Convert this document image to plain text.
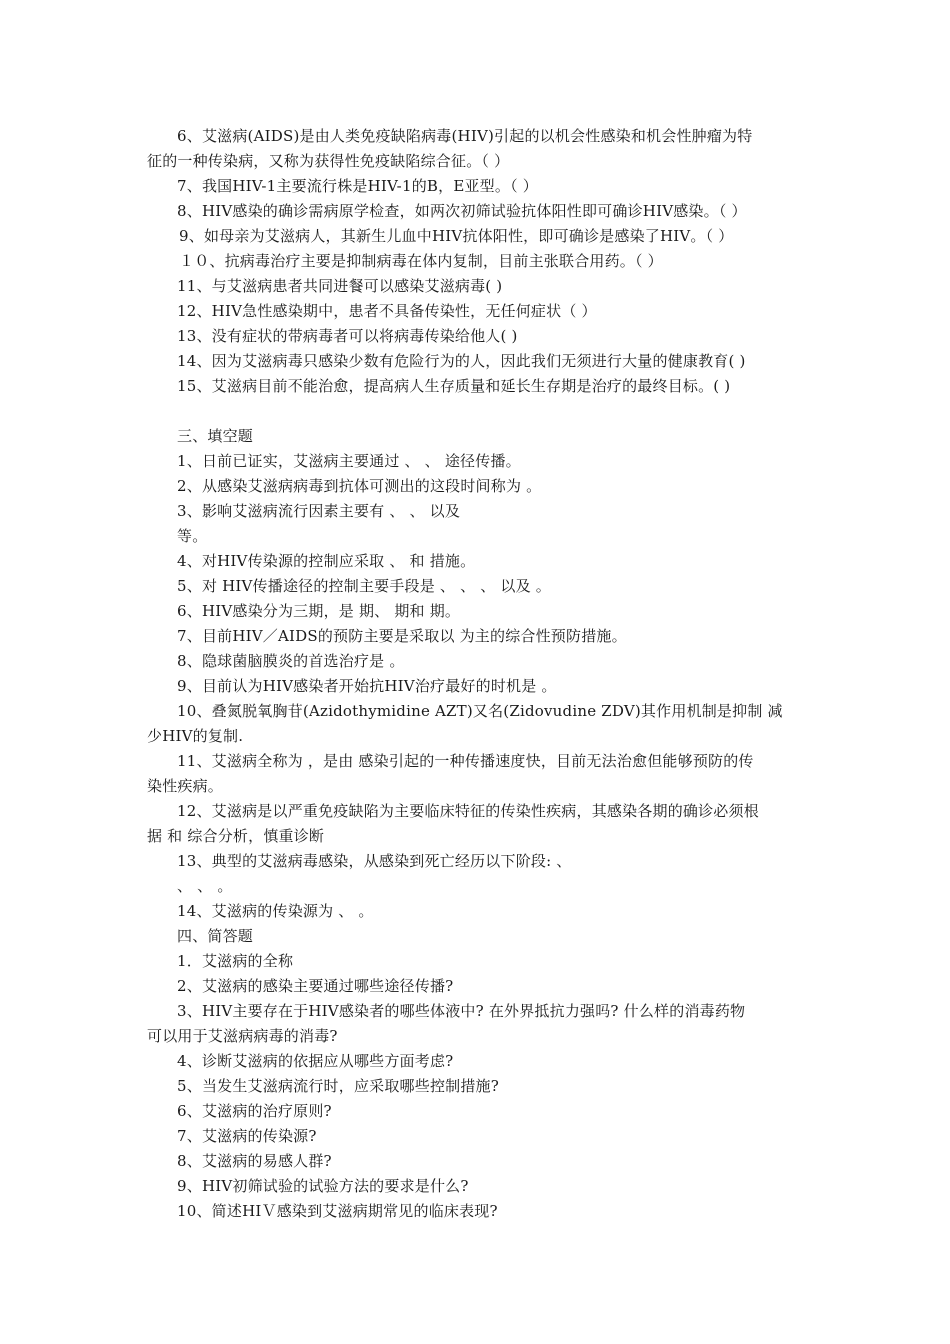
6、艾滋病(AIDS)是由人类免疫缺陷病毒(HIV)引起的以机会性感染和机会性肿瘤为特
征的一种传染病，又称为获得性免疫缺陷综合征。（ ）
7、我国HIV-1主要流行株是HIV-1的B，E亚型。（ ）
8、HIV感染的确诊需病原学检查，如两次初筛试验抗体阳性即可确诊HIV感染。（ ）
9、如母亲为艾滋病人，其新生儿血中HIV抗体阳性，即可确诊是感染了HIV。（ ）
１０、抗病毒治疗主要是抑制病毒在体内复制，目前主张联合用药。（ ）
11、与艾滋病患者共同进餐可以感染艾滋病毒( )
12、HIV急性感染期中，患者不具备传染性，无任何症状（ ）
13、没有症状的带病毒者可以将病毒传染给他人( )
14、因为艾滋病毒只感染少数有危险行为的人，因此我们无须进行大量的健康教育( )
15、艾滋病目前不能治愈，提高病人生存质量和延长生存期是治疗的最终目标。( )
三、填空题
1、日前已证实，艾滋病主要通过 、 、 途径传播。
2、从感染艾滋病病毒到抗体可测出的这段时间称为 。
3、影响艾滋病流行因素主要有 、 、 以及
等。
4、对HIV传染源的控制应采取 、 和 措施。
5、对 HIV传播途径的控制主要手段是 、 、 、 以及 。
6、HIV感染分为三期，是 期、 期和 期。
7、目前HIV／AIDS的预防主要是采取以 为主的综合性预防措施。
8、隐球菌脑膜炎的首选治疗是 。
9、目前认为HIV感染者开始抗HIV治疗最好的时机是 。
10、叠氮脱氧胸苷(Azidothymidine AZT)又名(Zidovudine ZDV)其作用机制是抑制 减
少HIV的复制.
11、艾滋病全称为 ，是由 感染引起的一种传播速度快，目前无法治愈但能够预防的传
染性疾病。
12、艾滋病是以严重免疫缺陷为主要临床特征的传染性疾病，其感染各期的确诊必须根
据 和 综合分析，慎重诊断
13、典型的艾滋病毒感染，从感染到死亡经历以下阶段: 、
、 、 。
14、艾滋病的传染源为 、 。
四、简答题
1．艾滋病的全称
2、艾滋病的感染主要通过哪些途径传播?
3、HIV主要存在于HIV感染者的哪些体液中? 在外界抵抗力强吗? 什么样的消毒药物
可以用于艾滋病病毒的消毒?
4、诊断艾滋病的依据应从哪些方面考虑?
5、当发生艾滋病流行时，应采取哪些控制措施?
6、艾滋病的治疗原则?
7、艾滋病的传染源?
8、艾滋病的易感人群?
9、HIV初筛试验的试验方法的要求是什么?
10、简述HIＶ感染到艾滋病期常见的临床表现?
